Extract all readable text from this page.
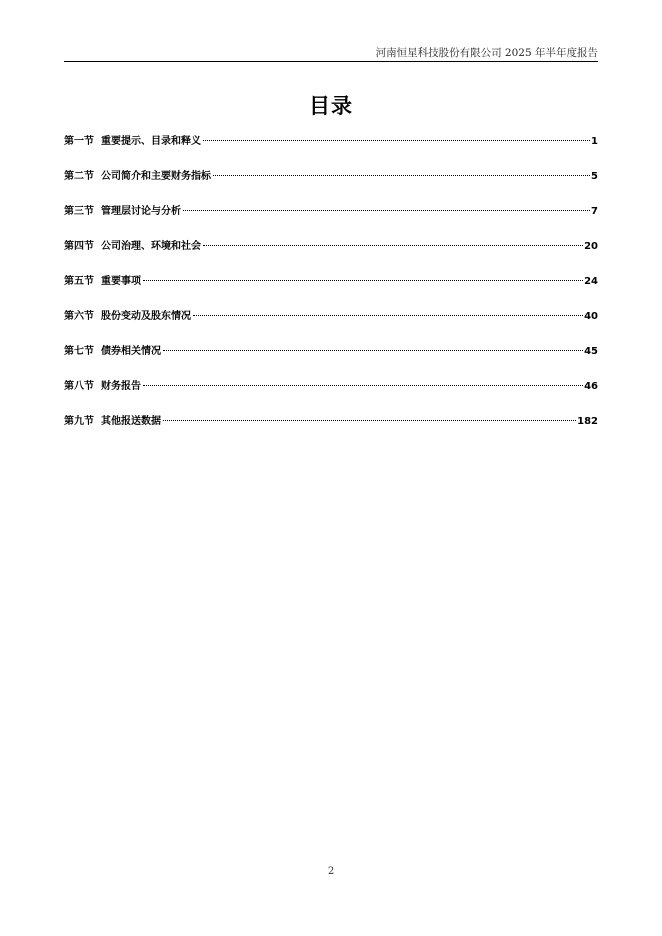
河南恒星科技股份有限公司 2025 年半年度报告
目录
第一节 重要提示、目录和释义	1
第二节 公司简介和主要财务指标	5
第三节 管理层讨论与分析	7
第四节 公司治理、环境和社会	20
第五节 重要事项	24
第六节 股份变动及股东情况	40
第七节 债券相关情况	45
第八节 财务报告	46
第九节 其他报送数据	182
2
